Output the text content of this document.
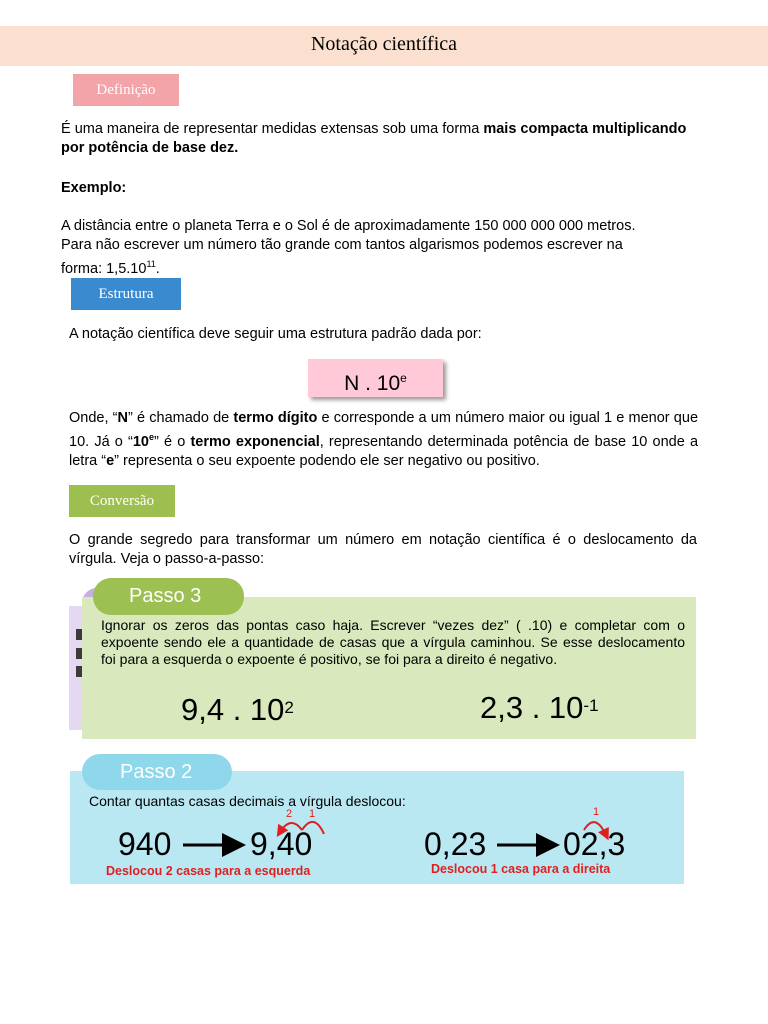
Notação científica
Definição
É uma maneira de representar medidas extensas sob uma forma mais compacta multiplicando por potência de base dez.
Exemplo:
A distância entre o planeta Terra e o Sol é de aproximadamente 150 000 000 000 metros.
Para não escrever um número tão grande com tantos algarismos podemos escrever na
forma: 1,5.10$^{11}$.
Estrutura
A notação científica deve seguir uma estrutura padrão dada por:
N . 10e
Onde, “N” é chamado de termo dígito e corresponde a um número maior ou igual 1 e menor que 10. Já o “10e” é o termo exponencial, representando determinada potência de base 10 onde a letra “e” representa o seu expoente podendo ele ser negativo ou positivo.
Conversão
O grande segredo para transformar um número em notação científica é o deslocamento da vírgula. Veja o passo-a-passo:
Passo 3
Ignorar os zeros das pontas caso haja. Escrever “vezes dez” ( .10) e completar com o expoente sendo ele a quantidade de casas que a vírgula caminhou. Se esse deslocamento foi para a esquerda o expoente é positivo, se foi para a direito é negativo.
9,4 . $10^2$	2,3 . $10^{-1}$
Passo 2
Contar quantas casas decimais a vírgula deslocou:
940 9,40	0,23 02,3
2 1	1
Deslocou 2 casas para a esquerda	Deslocou 1 casa para a direita
